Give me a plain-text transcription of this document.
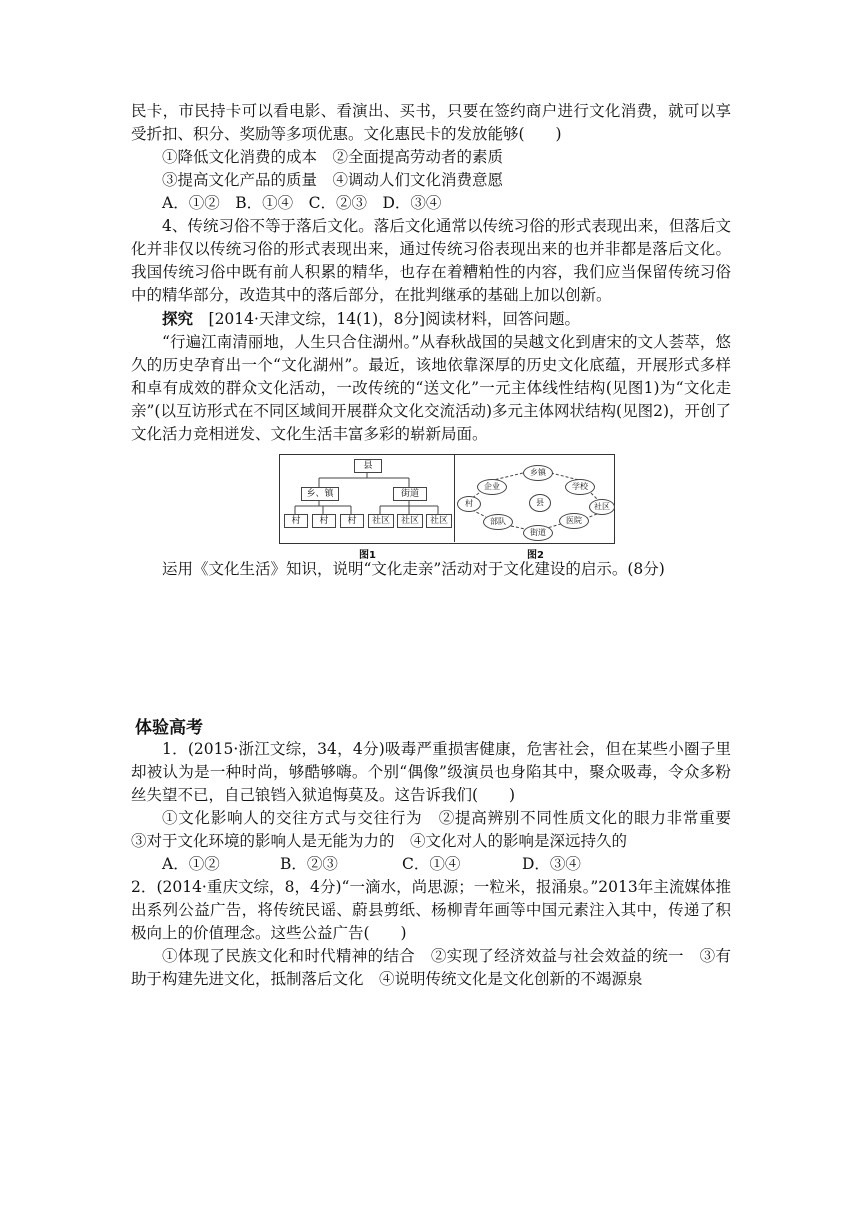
民卡，市民持卡可以看电影、看演出、买书，只要在签约商户进行文化消费，就可以享受折扣、积分、奖励等多项优惠。文化惠民卡的发放能够(　　)

①降低文化消费的成本　②全面提高劳动者的素质

③提高文化产品的质量　④调动人们文化消费意愿

A．①②　B．①④　C．②③　D．③④

4、传统习俗不等于落后文化。落后文化通常以传统习俗的形式表现出来，但落后文化并非仅以传统习俗的形式表现出来，通过传统习俗表现出来的也并非都是落后文化。我国传统习俗中既有前人积累的精华，也存在着糟粕性的内容，我们应当保留传统习俗中的精华部分，改造其中的落后部分，在批判继承的基础上加以创新。

探究　[2014·天津文综，14(1)，8分]阅读材料，回答问题。

“行遍江南清丽地，人生只合住湖州。”从春秋战国的吴越文化到唐宋的文人荟萃，悠久的历史孕育出一个“文化湖州”。最近，该地依靠深厚的历史文化底蕴，开展形式多样和卓有成效的群众文化活动，一改传统的“送文化”一元主体线性结构(见图1)为“文化走亲”(以互访形式在不同区域间开展群众文化交流活动)多元主体网状结构(见图2)，开创了文化活力竞相迸发、文化生活丰富多彩的崭新局面。

县
乡、镇	街道
村	村	村	社区	社区	社区
乡镇
企业	学校
村	县	社区
部队	医院
街道
图1	图2

运用《文化生活》知识，说明“文化走亲”活动对于文化建设的启示。(8分)

体验高考

1．(2015·浙江文综，34，4分)吸毒严重损害健康，危害社会，但在某些小圈子里却被认为是一种时尚，够酷够嗨。个别“偶像”级演员也身陷其中，聚众吸毒，令众多粉丝失望不已，自己锒铛入狱追悔莫及。这告诉我们(　　)

①文化影响人的交往方式与交往行为　②提高辨别不同性质文化的眼力非常重要　③对于文化环境的影响人是无能为力的　④文化对人的影响是深远持久的

A．①②	B．②③	C．①④	D．③④

2．(2014·重庆文综，8，4分)“一滴水，尚思源；一粒米，报涌泉。”2013年主流媒体推出系列公益广告，将传统民谣、蔚县剪纸、杨柳青年画等中国元素注入其中，传递了积极向上的价值理念。这些公益广告(　　)

①体现了民族文化和时代精神的结合　②实现了经济效益与社会效益的统一　③有助于构建先进文化，抵制落后文化　④说明传统文化是文化创新的不竭源泉
